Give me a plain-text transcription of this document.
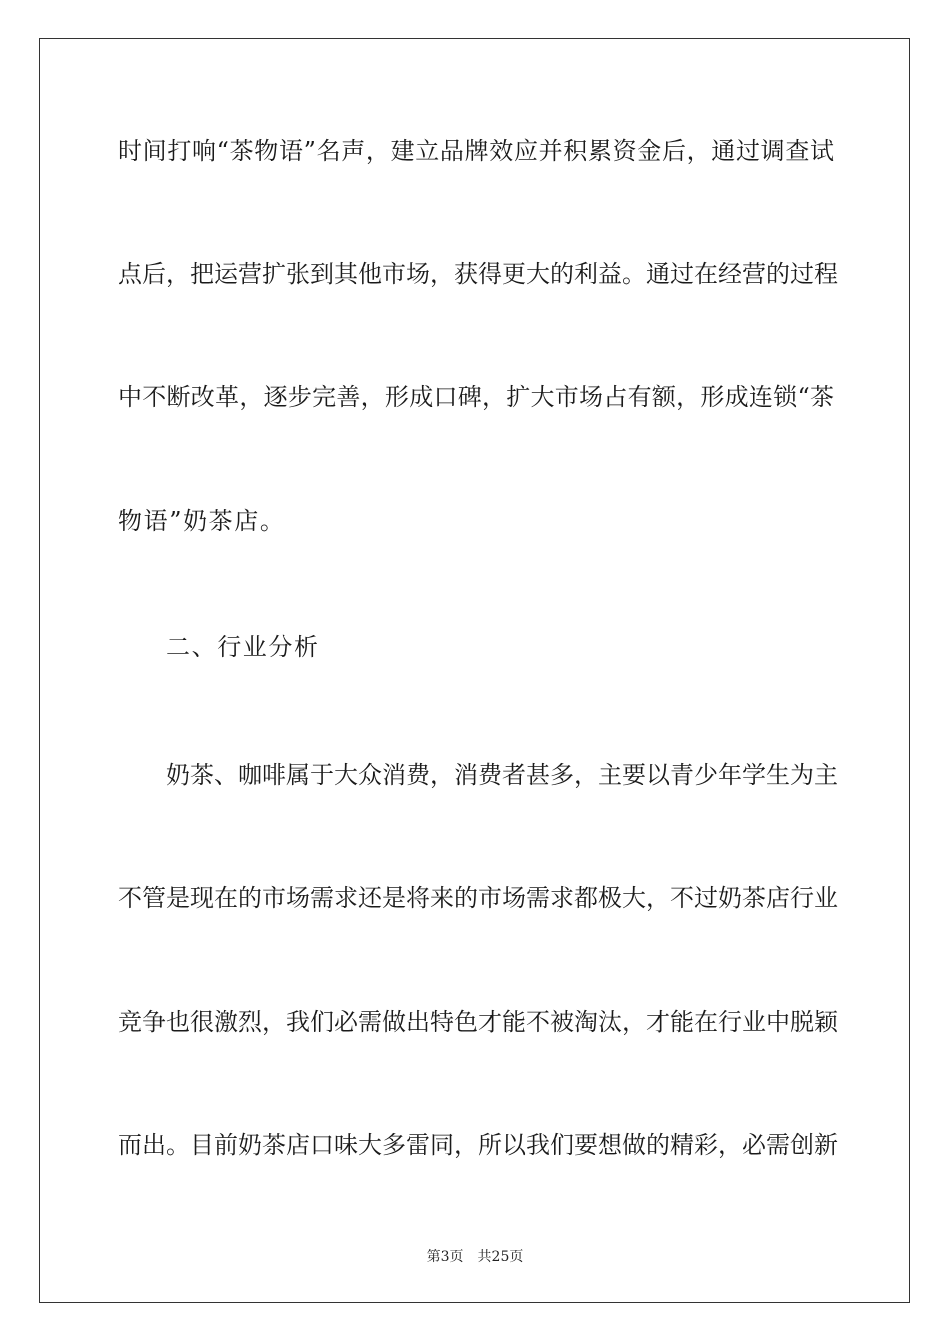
时间打响“茶物语”名声，建立品牌效应并积累资金后，通过调查试
点后，把运营扩张到其他市场，获得更大的利益。通过在经营的过程
中不断改革，逐步完善，形成口碑，扩大市场占有额，形成连锁“茶
物语”奶茶店。
二、行业分析
奶茶、咖啡属于大众消费，消费者甚多，主要以青少年学生为主
不管是现在的市场需求还是将来的市场需求都极大，不过奶茶店行业
竞争也很激烈，我们必需做出特色才能不被淘汰，才能在行业中脱颖
而出。目前奶茶店口味大多雷同，所以我们要想做的精彩，必需创新
第3页 共25页
